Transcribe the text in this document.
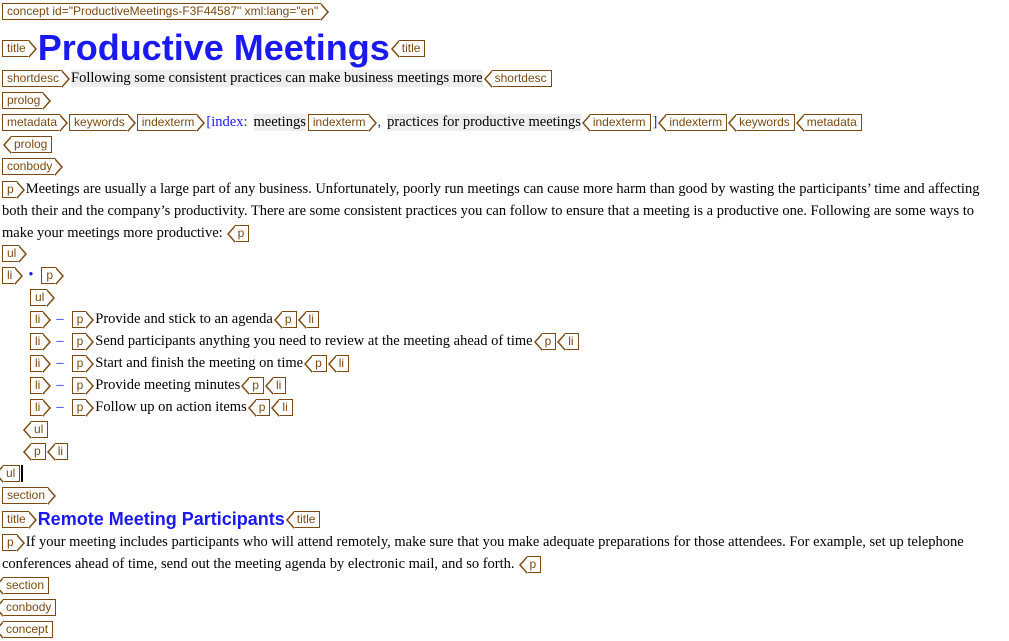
concept id="ProductiveMeetings-F3F44587" xml:lang="en"
title Productive Meetings title
shortdesc Following some consistent practices can make business meetings more shortdesc
prolog
metadata	keywords	indexterm [index: meetings indexterm , practices for productive meetings indexterm ] indexterm	keywords	metadata
prolog
conbody
p Meetings are usually a large part of any business. Unfortunately, poorly run meetings can cause more harm than good by wasting the participants’ time and affecting both their and the company’s productivity. There are some consistent practices you can follow to ensure that a meeting is a productive one. Following are some ways to make your meetings more productive: p
ul
li •	p
ul
li –	p Provide and stick to an agenda p	li
li –	p Send participants anything you need to review at the meeting ahead of time p	li
li –	p Start and finish the meeting on time p	li
li –	p Provide meeting minutes p	li
li –	p Follow up on action items p	li
ul
p	li
ul
section
title Remote Meeting Participants title
p If your meeting includes participants who will attend remotely, make sure that you make adequate preparations for those attendees. For example, set up telephone conferences ahead of time, send out the meeting agenda by electronic mail, and so forth. p
section
conbody
concept
